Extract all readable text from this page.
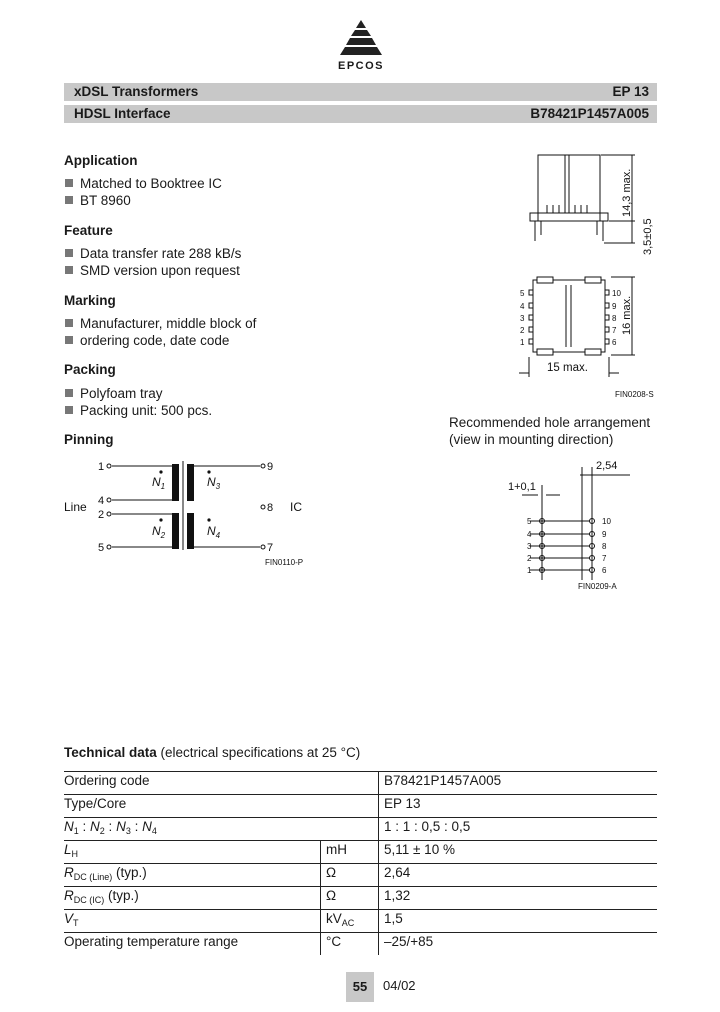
EPCOS
xDSL Transformers	EP 13
HDSL Interface	B78421P1457A005
Application
Matched to Booktree IC
BT 8960
Feature
Data transfer rate 288 kB/s
SMD version upon request
Marking
Manufacturer, middle block of
ordering code, date code
Packing
Polyfoam tray
Packing unit: 500 pcs.
Pinning
1
4
2
5
9
8
7
Line	IC
$N_1$
$N_2$
$N_3$
$N_4$
FIN0110-P
14,3 max.
3,5±0,5
16 max.
15 max.
5
4
3
2
1
10
9
8
7
6
FIN0208-S
Recommended hole arrangement
(view in mounting direction)
2,54
1+0,1
5
4
3
2
1
10
9
8
7
6
FIN0209-A
Technical data (electrical specifications at 25 °C)
Ordering code		B78421P1457A005
Type/Core		EP 13
$N_1$ : $N_2$ : $N_3$ : $N_4$		1 : 1 : 0,5 : 0,5
$L_H$	mH	5,11 ± 10 %
$R_{DC (Line)}$ (typ.)	Ω	2,64
$R_{DC (IC)}$ (typ.)	Ω	1,32
$V_T$	$kV_{AC}$	1,5
Operating temperature range	°C	–25/+85
55	04/02
